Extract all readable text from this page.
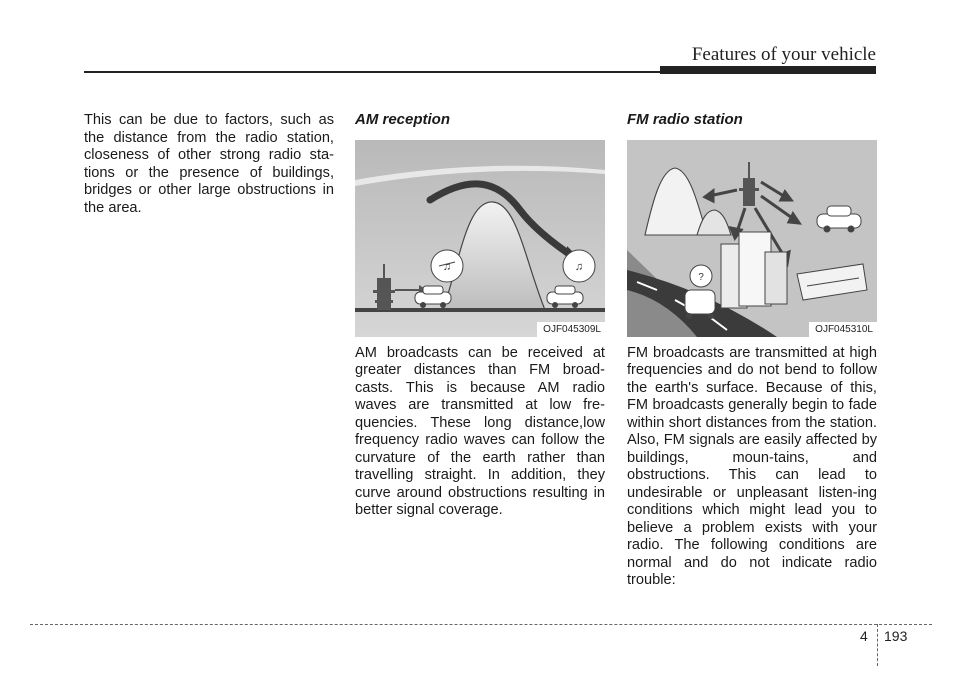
Features of your vehicle

This can be due to factors, such as the distance from the radio station, closeness of other strong radio sta-tions or the presence of buildings, bridges or other large obstructions in the area.

AM reception
♫	♫
OJF045309L

AM broadcasts can be received at greater distances than FM broad-casts. This is because AM radio waves are transmitted at low fre-quencies. These long distance,low frequency radio waves can follow the curvature of the earth rather than travelling straight. In addition, they curve around obstructions resulting in better signal coverage.

FM radio station
?
OJF045310L

FM broadcasts are transmitted at high frequencies and do not bend to follow the earth's surface. Because of this, FM broadcasts generally begin to fade within short distances from the station. Also, FM signals are easily affected by buildings, moun-tains, and obstructions. This can lead to undesirable or unpleasant listen-ing conditions which might lead you to believe a problem exists with your radio. The following conditions are normal and do not indicate radio trouble:

4 193
